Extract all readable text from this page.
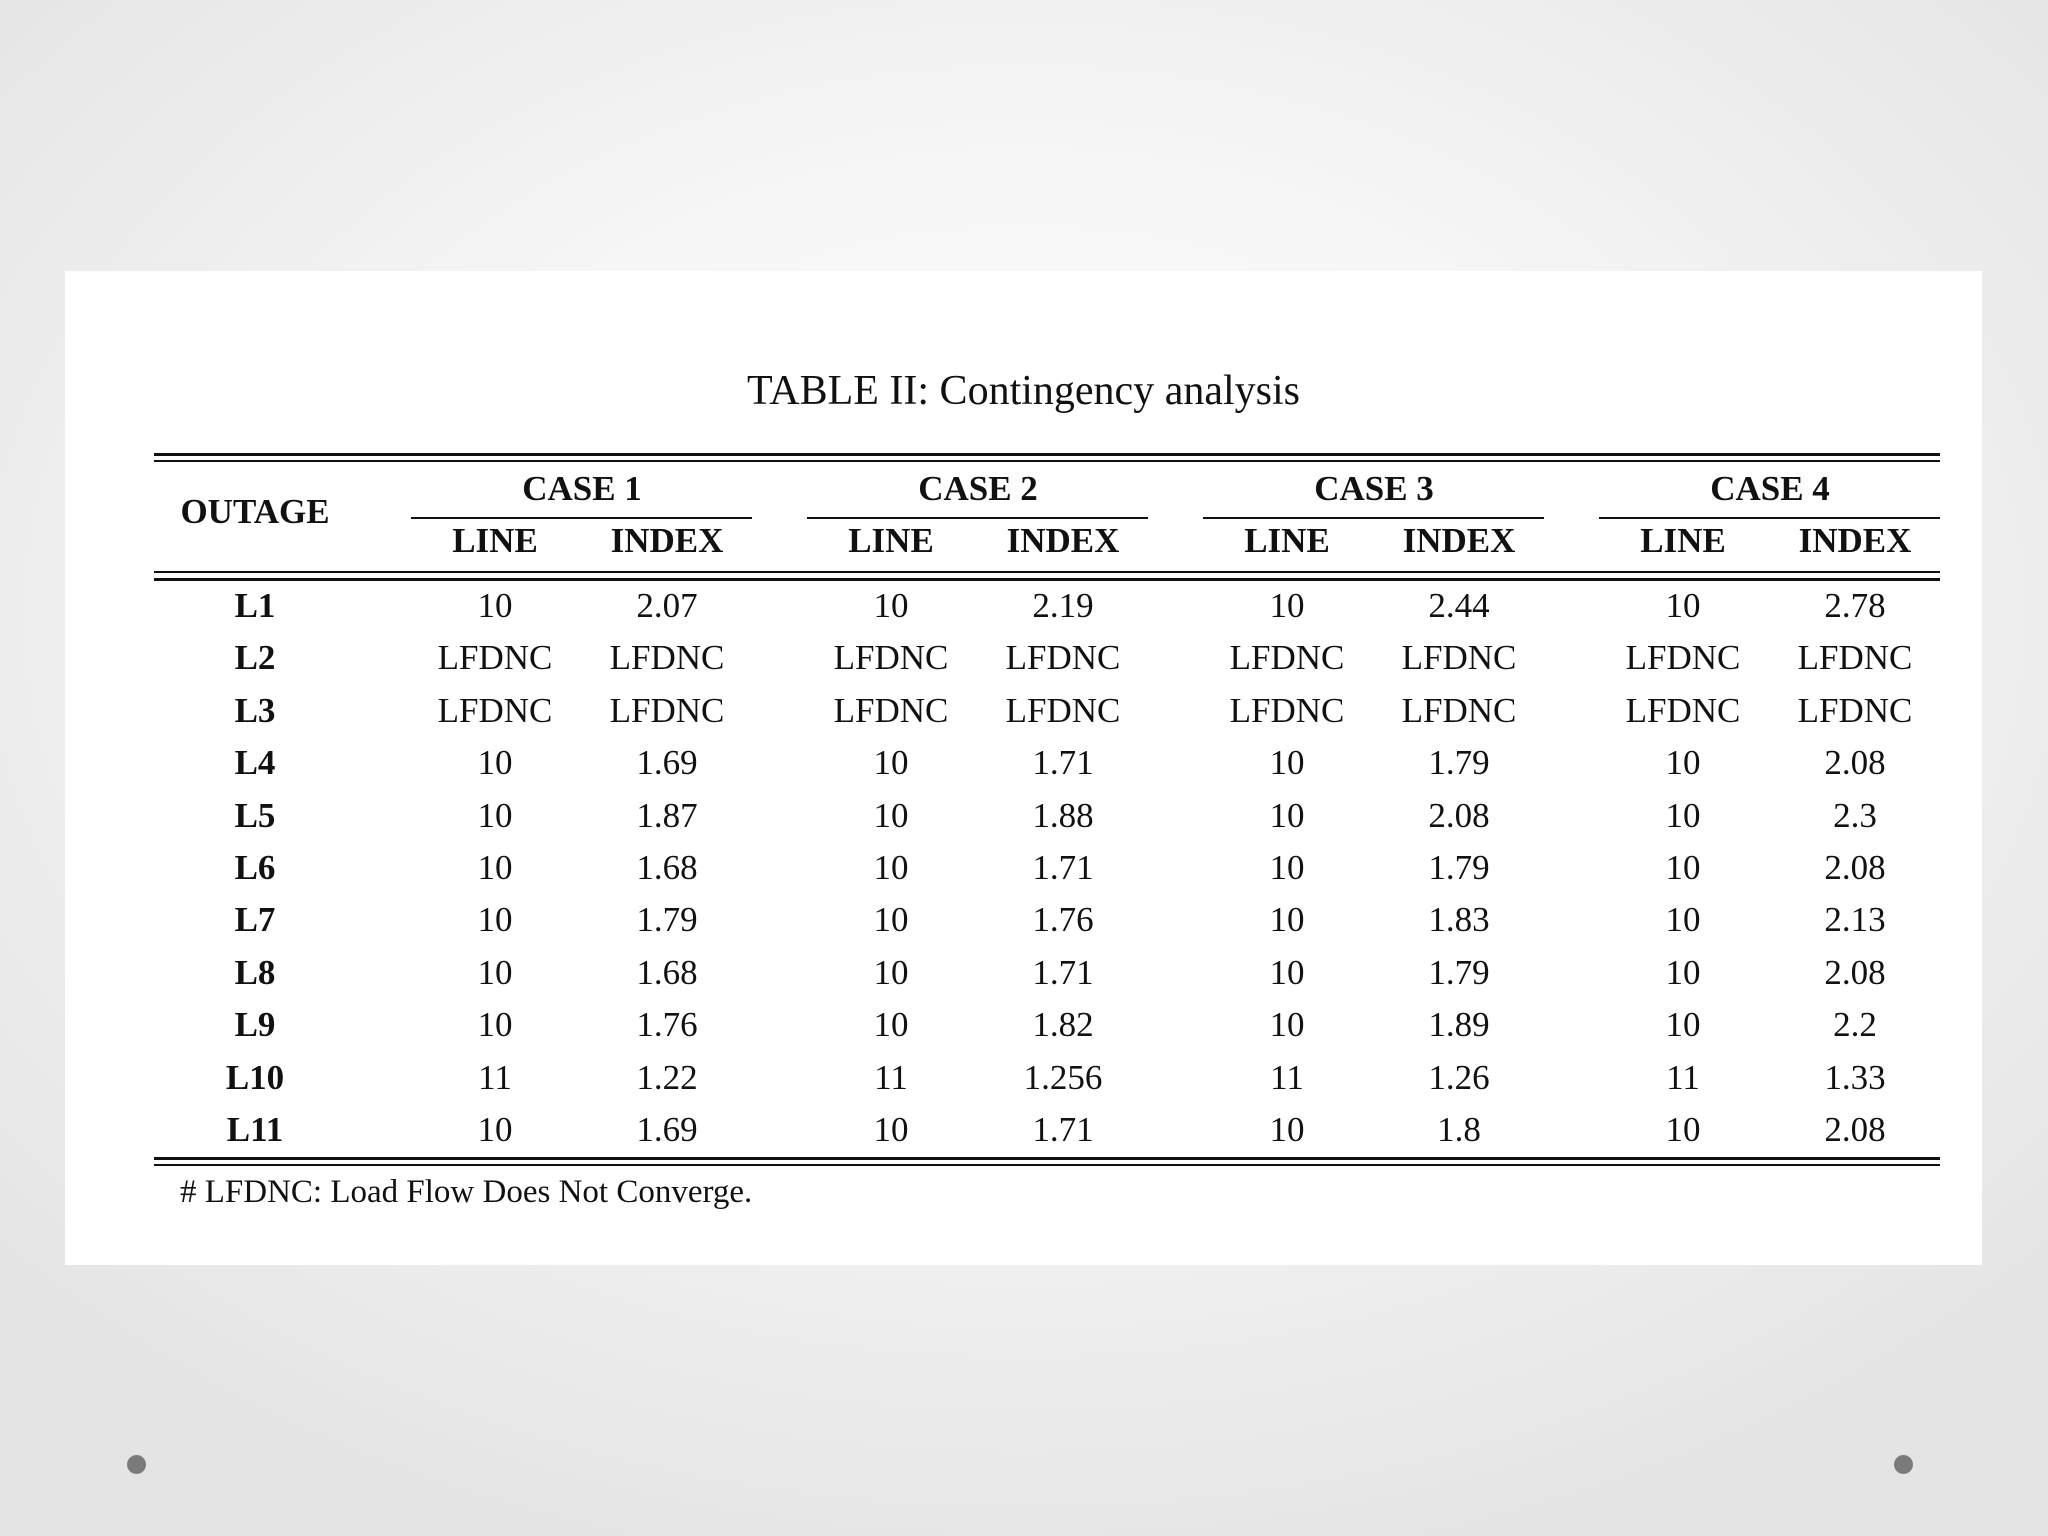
TABLE II: Contingency analysis
OUTAGE
CASE 1	CASE 2	CASE 3	CASE 4
LINE	INDEX	LINE	INDEX	LINE	INDEX	LINE	INDEX
L1	10	2.07	10	2.19	10	2.44	10	2.78
L2	LFDNC	LFDNC	LFDNC	LFDNC	LFDNC	LFDNC	LFDNC	LFDNC
L3	LFDNC	LFDNC	LFDNC	LFDNC	LFDNC	LFDNC	LFDNC	LFDNC
L4	10	1.69	10	1.71	10	1.79	10	2.08
L5	10	1.87	10	1.88	10	2.08	10	2.3
L6	10	1.68	10	1.71	10	1.79	10	2.08
L7	10	1.79	10	1.76	10	1.83	10	2.13
L8	10	1.68	10	1.71	10	1.79	10	2.08
L9	10	1.76	10	1.82	10	1.89	10	2.2
L10	11	1.22	11	1.256	11	1.26	11	1.33
L11	10	1.69	10	1.71	10	1.8	10	2.08
# LFDNC: Load Flow Does Not Converge.
